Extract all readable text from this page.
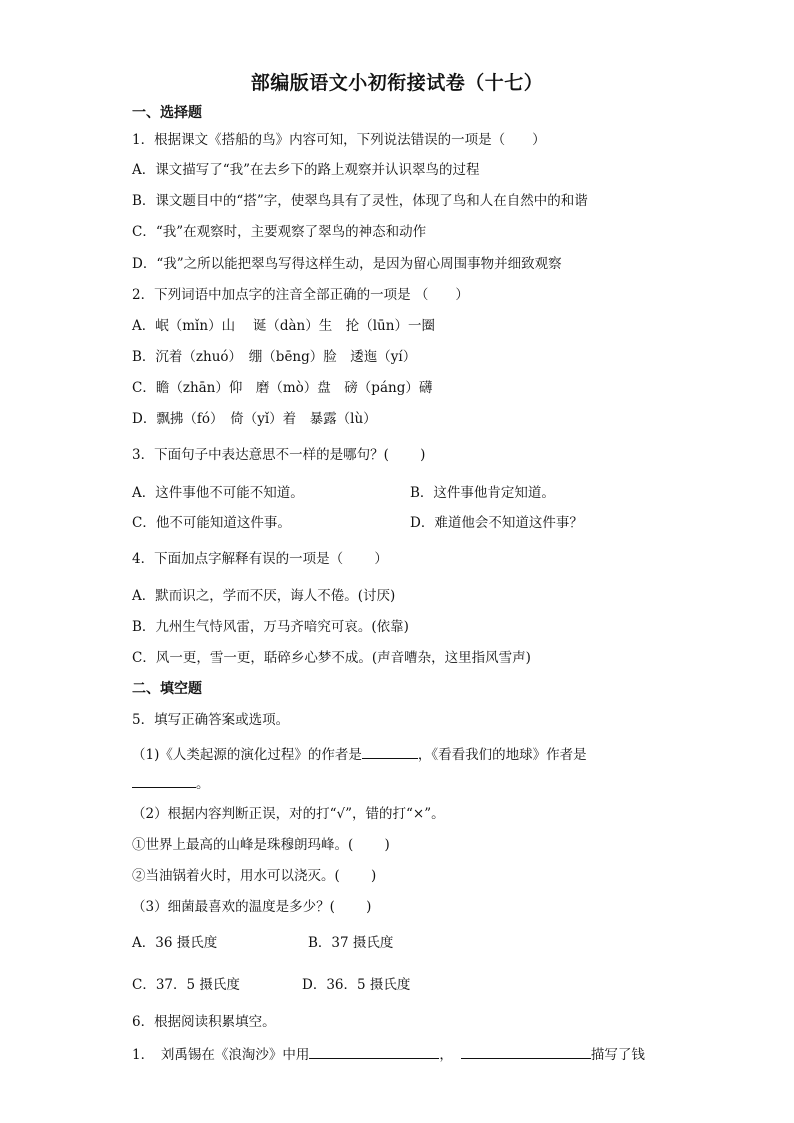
部编版语文小初衔接试卷（十七）
一、选择题
1．根据课文《搭船的鸟》内容可知，下列说法错误的一项是（　　）
A．课文描写了“我”在去乡下的路上观察并认识翠鸟的过程
B．课文题目中的“搭”字，使翠鸟具有了灵性，体现了鸟和人在自然中的和谐
C．“我”在观察时，主要观察了翠鸟的神态和动作
D．“我”之所以能把翠鸟写得这样生动，是因为留心周围事物并细致观察
2．下列词语中加点字的注音全部正确的一项是 （　　）
A．岷（mǐn）山　 诞（dàn）生　抡（lūn）一圈
B．沉着（zhuó）　绷（bēng）脸　逶迤（yí）
C．瞻（zhān）仰　磨（mò）盘　磅（páng）礴
D．飘拂（fó）　倚（yǐ）着　暴露（lù）
3．下面句子中表达意思不一样的是哪句？(　　 )
A．这件事他不可能不知道。	B．这件事他肯定知道。
C．他不可能知道这件事。	D．难道他会不知道这件事？
4．下面加点字解释有误的一项是（　　 ）
A．默而识之，学而不厌，诲人不倦。(讨厌)
B．九州生气恃风雷，万马齐喑究可哀。(依靠)
C．风一更，雪一更，聒碎乡心梦不成。(声音嘈杂，这里指风雪声)
二、填空题
5．填写正确答案或选项。
（1)《人类起源的演化过程》的作者是	，《看看我们的地球》作者是
。
（2）根据内容判断正误，对的打“√”，错的打“×”。
①世界上最高的山峰是珠穆朗玛峰。(　　 )
②当油锅着火时，用水可以浇灭。(　　 )
（3）细菌最喜欢的温度是多少？(　　 )
A．36 摄氏度	B．37 摄氏度
C．37．5 摄氏度	D．36．5 摄氏度
6．根据阅读积累填空。
1．　刘禹锡在《浪淘沙》中用	，	描写了钱
